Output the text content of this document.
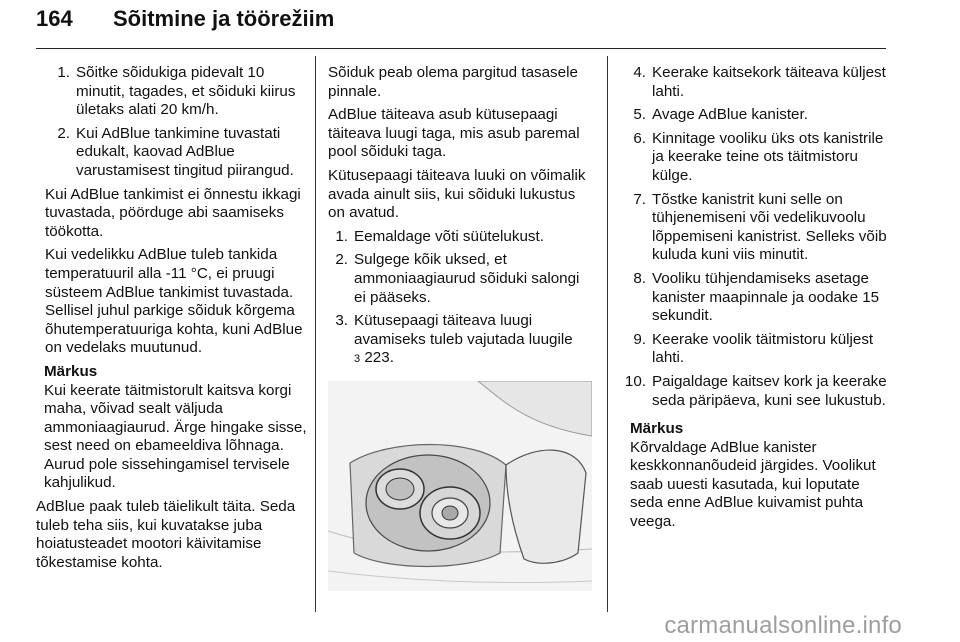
164 Sõitmine ja töörežiim
1. Sõitke sõidukiga pidevalt 10 minutit, tagades, et sõiduki kiirus ületaks alati 20 km/h.
2. Kui AdBlue tankimine tuvastati edukalt, kaovad AdBlue varustamisest tingitud piirangud.

Kui AdBlue tankimist ei õnnestu ikkagi tuvastada, pöörduge abi saamiseks töökotta.

Kui vedelikku AdBlue tuleb tankida temperatuuril alla -11 °C, ei pruugi süsteem AdBlue tankimist tuvastada. Sellisel juhul parkige sõiduk kõrgema õhutemperatuuriga kohta, kuni AdBlue on vedelaks muutunud.

Märkus
Kui keerate täitmistorult kaitsva korgi maha, võivad sealt väljuda ammoniaagiaurud. Ärge hingake sisse, sest need on ebameeldiva lõhnaga. Aurud pole sissehingamisel tervisele kahjulikud.

AdBlue paak tuleb täielikult täita. Seda tuleb teha siis, kui kuvatakse juba hoiatusteadet mootori käivitamise tõkestamise kohta.

Sõiduk peab olema pargitud tasasele pinnale.

AdBlue täiteava asub kütusepaagi täiteava luugi taga, mis asub paremal pool sõiduki taga.

Kütusepaagi täiteava luuki on võimalik avada ainult siis, kui sõiduki lukustus on avatud.

1. Eemaldage võti süütelukust.
2. Sulgege kõik uksed, et ammoniaagiaurud sõiduki salongi ei pääseks.
3. Kütusepaagi täiteava luugi avamiseks tuleb vajutada luugile
3 223.
4. Keerake kaitsekork täiteava küljest lahti.
5. Avage AdBlue kanister.
6. Kinnitage vooliku üks ots kanistrile ja keerake teine ots täitmistoru külge.
7. Tõstke kanistrit kuni selle on tühjenemiseni või vedelikuvoolu lõppemiseni kanistrist. Selleks võib kuluda kuni viis minutit.
8. Vooliku tühjendamiseks asetage kanister maapinnale ja oodake 15 sekundit.
9. Keerake voolik täitmistoru küljest lahti.
10. Paigaldage kaitsev kork ja keerake seda päripäeva, kuni see lukustub.
Märkus
Kõrvaldage AdBlue kanister keskkonnanõudeid järgides. Voolikut saab uuesti kasutada, kui loputate seda enne AdBlue kuivamist puhta veega.
carmanualsonline.info
